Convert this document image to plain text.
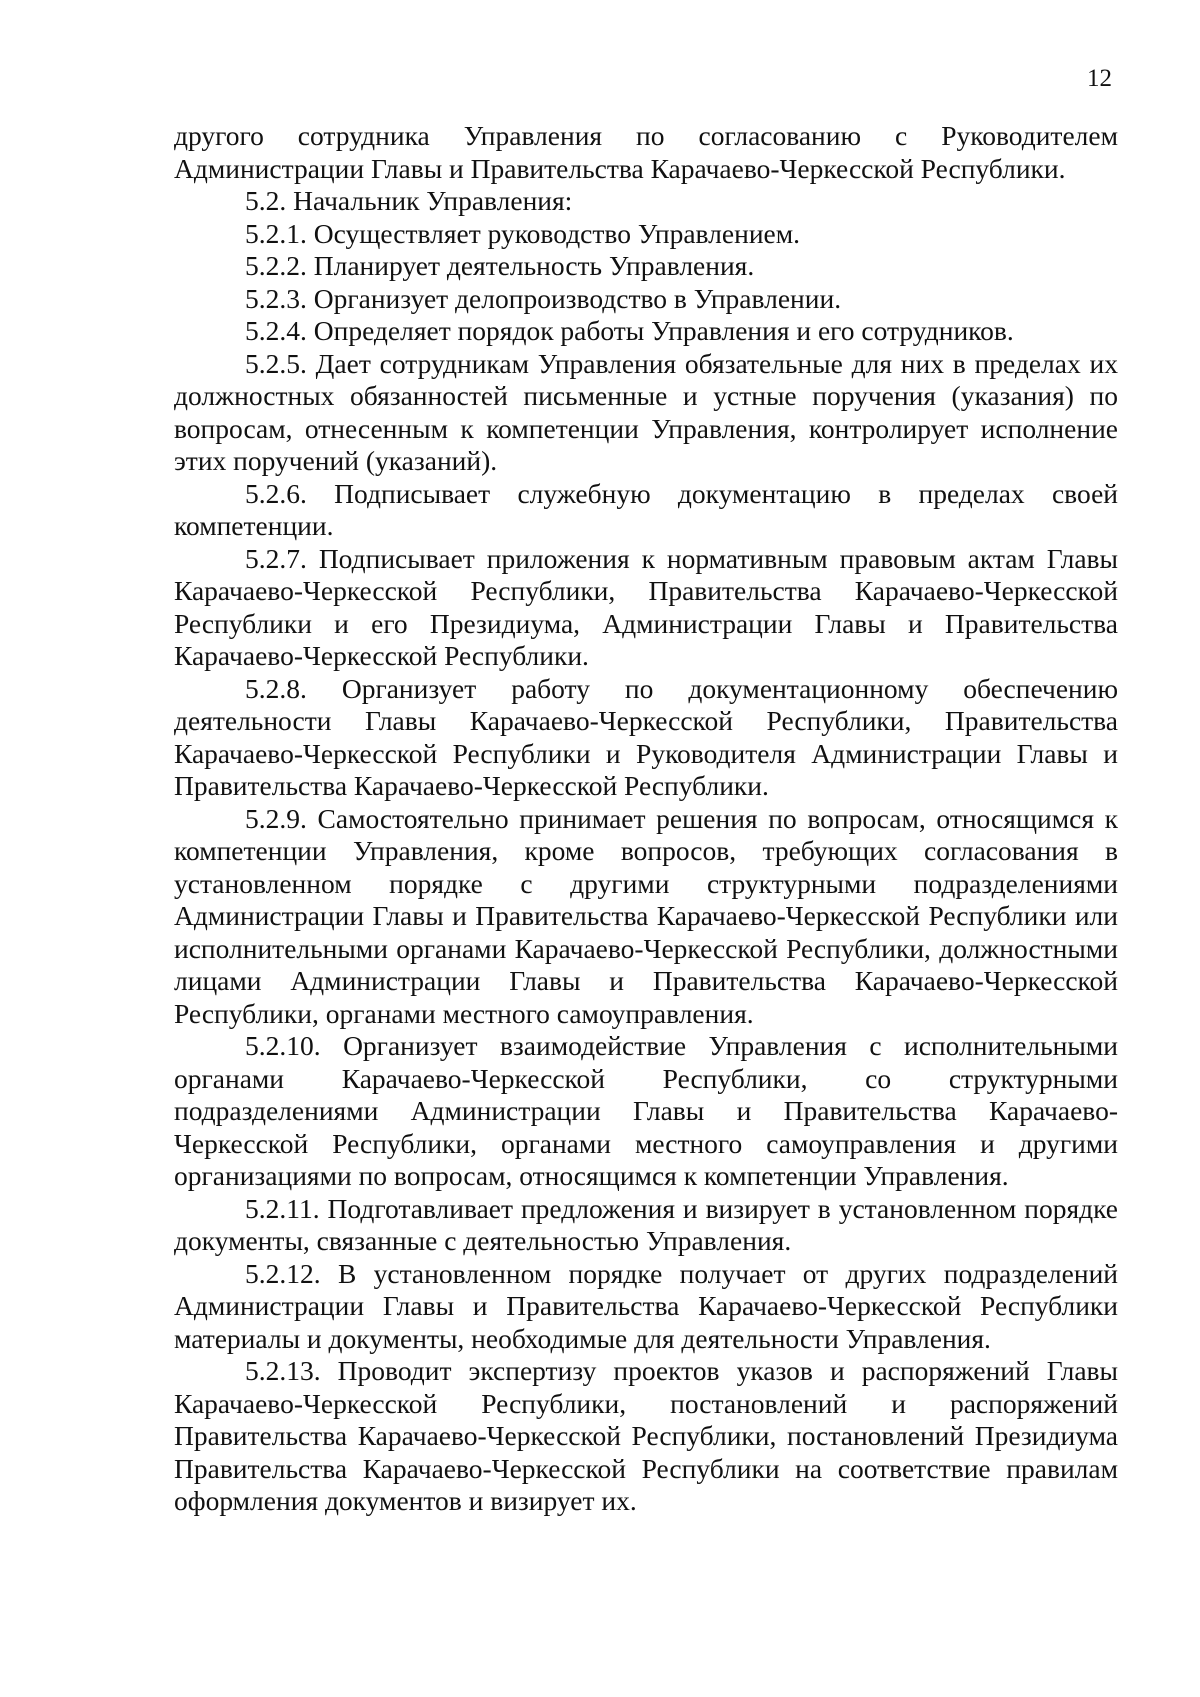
12

другого сотрудника Управления по согласованию с Руководителем Администрации Главы и Правительства Карачаево-Черкесской Республики.

5.2. Начальник Управления:

5.2.1. Осуществляет руководство Управлением.

5.2.2. Планирует деятельность Управления.

5.2.3. Организует делопроизводство в Управлении.

5.2.4. Определяет порядок работы Управления и его сотрудников.

5.2.5. Дает сотрудникам Управления обязательные для них в пределах их должностных обязанностей письменные и устные поручения (указания) по вопросам, отнесенным к компетенции Управления, контролирует исполнение этих поручений (указаний).

5.2.6. Подписывает служебную документацию в пределах своей компетенции.

5.2.7. Подписывает приложения к нормативным правовым актам Главы Карачаево-Черкесской Республики, Правительства Карачаево-Черкесской Республики и его Президиума, Администрации Главы и Правительства Карачаево-Черкесской Республики.

5.2.8. Организует работу по документационному обеспечению деятельности Главы Карачаево-Черкесской Республики, Правительства Карачаево-Черкесской Республики и Руководителя Администрации Главы и Правительства Карачаево-Черкесской Республики.

5.2.9. Самостоятельно принимает решения по вопросам, относящимся к компетенции Управления, кроме вопросов, требующих согласования в установленном порядке с другими структурными подразделениями Администрации Главы и Правительства Карачаево-Черкесской Республики или исполнительными органами Карачаево-Черкесской Республики, должностными лицами Администрации Главы и Правительства Карачаево-Черкесской Республики, органами местного самоуправления.

5.2.10. Организует взаимодействие Управления с исполнительными органами Карачаево-Черкесской Республики, со структурными подразделениями Администрации Главы и Правительства Карачаево-Черкесской Республики, органами местного самоуправления и другими организациями по вопросам, относящимся к компетенции Управления.

5.2.11. Подготавливает предложения и визирует в установленном порядке документы, связанные с деятельностью Управления.

5.2.12. В установленном порядке получает от других подразделений Администрации Главы и Правительства Карачаево-Черкесской Республики материалы и документы, необходимые для деятельности Управления.

5.2.13. Проводит экспертизу проектов указов и распоряжений Главы Карачаево-Черкесской Республики, постановлений и распоряжений Правительства Карачаево-Черкесской Республики, постановлений Президиума Правительства Карачаево-Черкесской Республики на соответствие правилам оформления документов и визирует их.
